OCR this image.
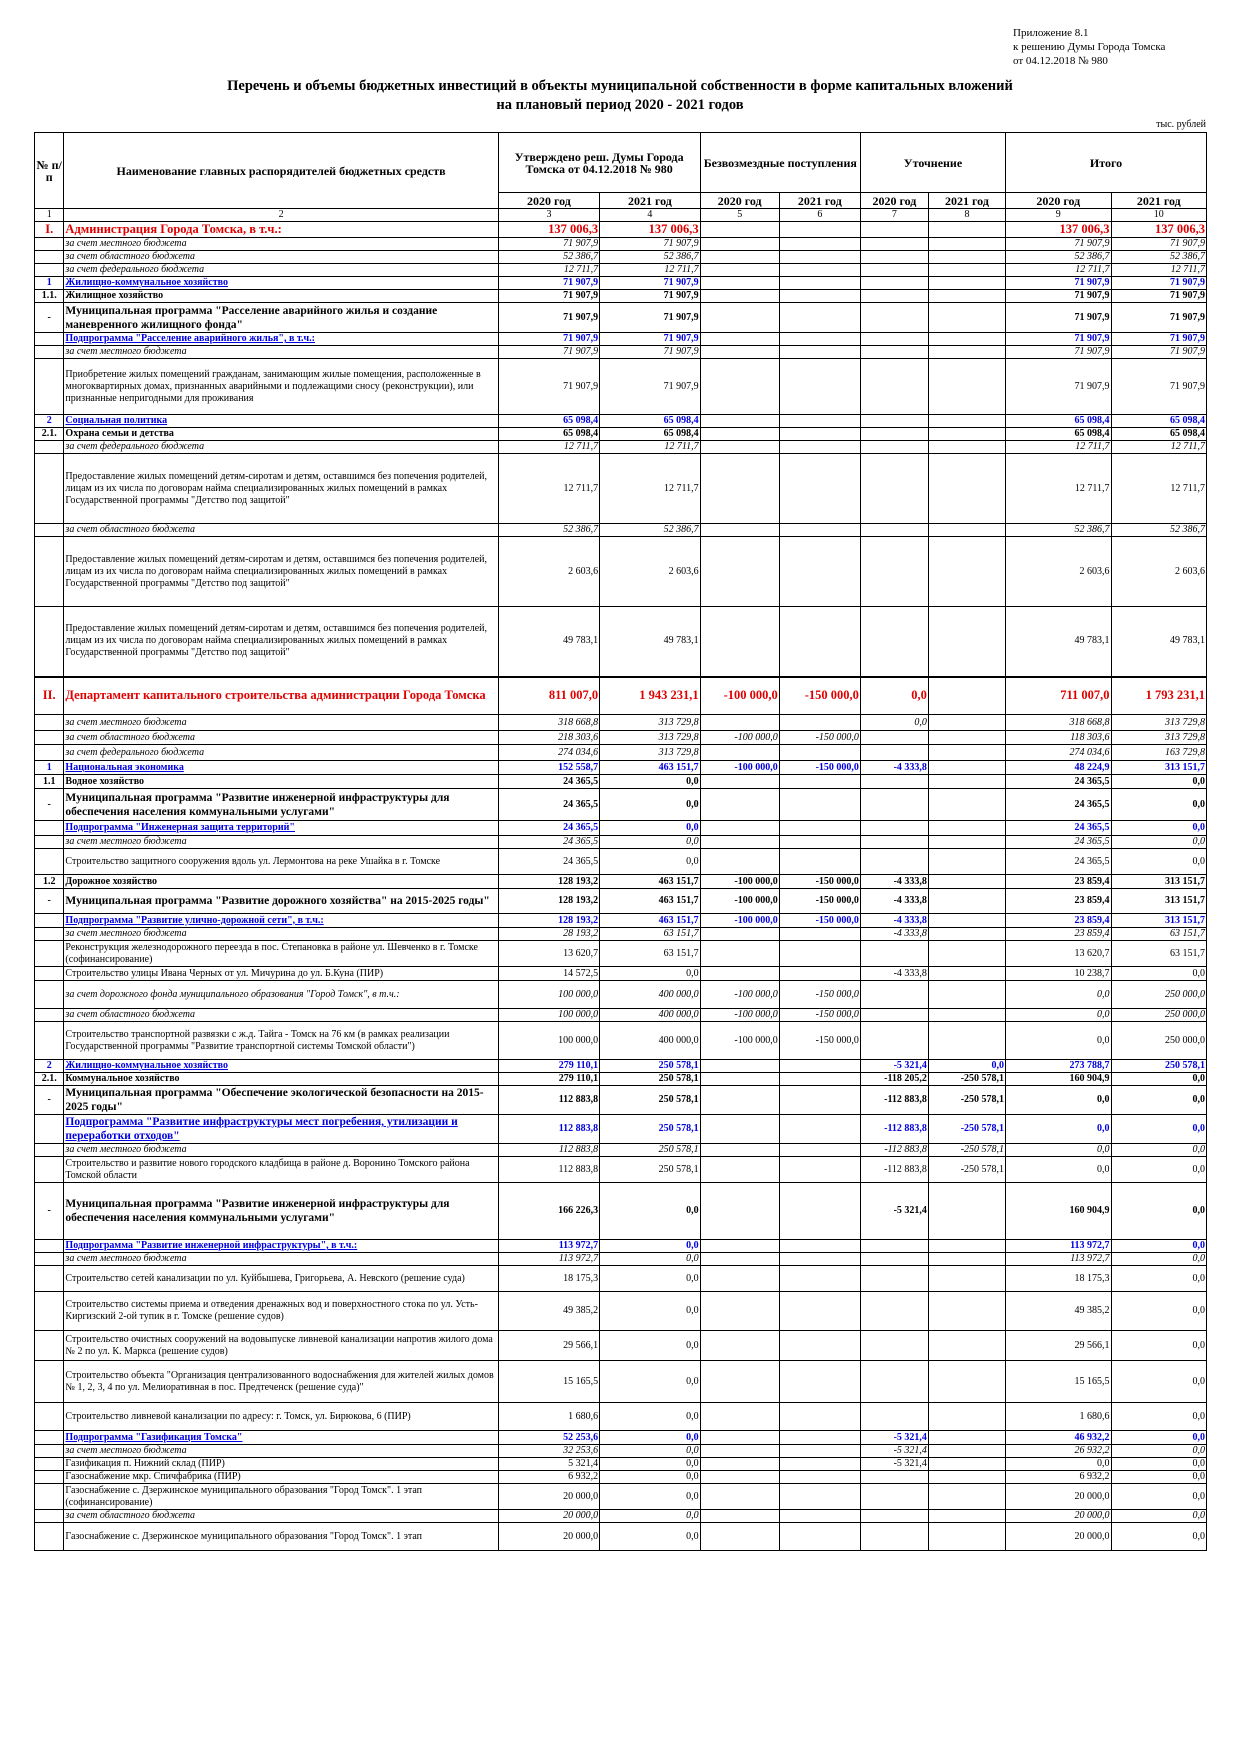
Приложение 8.1
к решению Думы Города Томска
от 04.12.2018 № 980
Перечень и объемы бюджетных инвестиций в объекты муниципальной собственности в форме капитальных вложений
на плановый период 2020 - 2021 годов
тыс. рублей
№ п/п	Наименование главных распорядителей бюджетных средств	Утверждено реш. Думы Города Томска от 04.12.2018 № 980		Безвозмездные поступления		Уточнение		Итого	
		2020 год	2021 год	2020 год	2021 год	2020 год	2021 год	2020 год	2021 год
1	2	3	4	5	6	7	8	9	10
I.	Администрация Города Томска, в т.ч.:	137 006,3	137 006,3					137 006,3	137 006,3
	за счет местного бюджета	71 907,9	71 907,9					71 907,9	71 907,9
	за счет областного бюджета	52 386,7	52 386,7					52 386,7	52 386,7
	за счет федерального бюджета	12 711,7	12 711,7					12 711,7	12 711,7
1	Жилищно-коммунальное хозяйство	71 907,9	71 907,9					71 907,9	71 907,9
1.1.	Жилищное хозяйство	71 907,9	71 907,9					71 907,9	71 907,9
-	Муниципальная программа "Расселение аварийного жилья и создание маневренного жилищного фонда"	71 907,9	71 907,9					71 907,9	71 907,9
	Подпрограмма "Расселение аварийного жилья", в т.ч.:	71 907,9	71 907,9					71 907,9	71 907,9
	за счет местного бюджета	71 907,9	71 907,9					71 907,9	71 907,9
	Приобретение жилых помещений гражданам, занимающим жилые помещения, расположенные в многоквартирных домах, признанных аварийными и подлежащими сносу (реконструкции), или признанные непригодными для проживания	71 907,9	71 907,9					71 907,9	71 907,9
2	Социальная политика	65 098,4	65 098,4					65 098,4	65 098,4
2.1.	Охрана семьи и детства	65 098,4	65 098,4					65 098,4	65 098,4
	за счет федерального бюджета	12 711,7	12 711,7					12 711,7	12 711,7
	Предоставление жилых помещений детям-сиротам и детям, оставшимся без попечения родителей, лицам из их числа по договорам найма специализированных жилых помещений в рамках Государственной программы "Детство под защитой"	12 711,7	12 711,7					12 711,7	12 711,7
	за счет областного бюджета	52 386,7	52 386,7					52 386,7	52 386,7
	Предоставление жилых помещений детям-сиротам и детям, оставшимся без попечения родителей, лицам из их числа по договорам найма специализированных жилых помещений в рамках Государственной программы "Детство под защитой"	2 603,6	2 603,6					2 603,6	2 603,6
	Предоставление жилых помещений детям-сиротам и детям, оставшимся без попечения родителей, лицам из их числа по договорам найма специализированных жилых помещений в рамках Государственной программы "Детство под защитой"	49 783,1	49 783,1					49 783,1	49 783,1
II.	Департамент капитального строительства администрации Города Томска	811 007,0	1 943 231,1	-100 000,0	-150 000,0	0,0		711 007,0	1 793 231,1
	за счет местного бюджета	318 668,8	313 729,8			0,0		318 668,8	313 729,8
	за счет областного бюджета	218 303,6	313 729,8	-100 000,0	-150 000,0			118 303,6	313 729,8
	за счет федерального бюджета	274 034,6	313 729,8					274 034,6	163 729,8
1	Национальная экономика	152 558,7	463 151,7	-100 000,0	-150 000,0	-4 333,8		48 224,9	313 151,7
1.1	Водное хозяйство	24 365,5	0,0					24 365,5	0,0
-	Муниципальная программа "Развитие инженерной инфраструктуры для обеспечения населения коммунальными услугами"	24 365,5	0,0					24 365,5	0,0
	Подпрограмма "Инженерная защита территорий"	24 365,5	0,0					24 365,5	0,0
	за счет местного бюджета	24 365,5	0,0					24 365,5	0,0
	Строительство защитного сооружения вдоль ул. Лермонтова на реке Ушайка в г. Томске	24 365,5	0,0					24 365,5	0,0
1.2	Дорожное хозяйство	128 193,2	463 151,7	-100 000,0	-150 000,0	-4 333,8		23 859,4	313 151,7
-	Муниципальная программа "Развитие дорожного хозяйства" на 2015-2025 годы"	128 193,2	463 151,7	-100 000,0	-150 000,0	-4 333,8		23 859,4	313 151,7
	Подпрограмма "Развитие улично-дорожной сети", в т.ч.:	128 193,2	463 151,7	-100 000,0	-150 000,0	-4 333,8		23 859,4	313 151,7
	за счет местного бюджета	28 193,2	63 151,7			-4 333,8		23 859,4	63 151,7
	Реконструкция железнодорожного переезда в пос. Степановка в районе ул. Шевченко в г. Томске (софинансирование)	13 620,7	63 151,7					13 620,7	63 151,7
	Строительство улицы Ивана Черных от ул. Мичурина до ул. Б.Куна (ПИР)	14 572,5	0,0			-4 333,8		10 238,7	0,0
	за счет дорожного фонда муниципального образования "Город Томск", в т.ч.:	100 000,0	400 000,0	-100 000,0	-150 000,0			0,0	250 000,0
	за счет областного бюджета	100 000,0	400 000,0	-100 000,0	-150 000,0			0,0	250 000,0
	Строительство транспортной развязки с ж.д. Тайга - Томск на 76 км (в рамках реализации Государственной программы "Развитие транспортной системы Томской области")	100 000,0	400 000,0	-100 000,0	-150 000,0			0,0	250 000,0
2	Жилищно-коммунальное хозяйство	279 110,1	250 578,1			-5 321,4	0,0	273 788,7	250 578,1
2.1.	Коммунальное хозяйство	279 110,1	250 578,1			-118 205,2	-250 578,1	160 904,9	0,0
-	Муниципальная программа "Обеспечение экологической безопасности на 2015-2025 годы"	112 883,8	250 578,1			-112 883,8	-250 578,1	0,0	0,0
	Подпрограмма "Развитие инфраструктуры мест погребения, утилизации и переработки отходов"	112 883,8	250 578,1			-112 883,8	-250 578,1	0,0	0,0
	за счет местного бюджета	112 883,8	250 578,1			-112 883,8	-250 578,1	0,0	0,0
	Строительство и развитие нового городского кладбища в районе д. Воронино Томского района Томской области	112 883,8	250 578,1			-112 883,8	-250 578,1	0,0	0,0
-	Муниципальная программа "Развитие инженерной инфраструктуры для обеспечения населения коммунальными услугами"	166 226,3	0,0			-5 321,4		160 904,9	0,0
	Подпрограмма "Развитие инженерной инфраструктуры", в т.ч.:	113 972,7	0,0					113 972,7	0,0
	за счет местного бюджета	113 972,7	0,0					113 972,7	0,0
	Строительство сетей канализации по ул. Куйбышева, Григорьева, А. Невского (решение суда)	18 175,3	0,0					18 175,3	0,0
	Строительство системы приема и отведения дренажных вод и поверхностного стока по ул. Усть-Киргизский 2-ой тупик в г. Томске (решение судов)	49 385,2	0,0					49 385,2	0,0
	Строительство очистных сооружений на водовыпуске ливневой канализации напротив жилого дома № 2 по ул. К. Маркса (решение судов)	29 566,1	0,0					29 566,1	0,0
	Строительство объекта "Организация централизованного водоснабжения для жителей жилых домов № 1, 2, 3, 4 по ул. Мелиоративная в пос. Предтеченск (решение суда)"	15 165,5	0,0					15 165,5	0,0
	Строительство ливневой канализации по адресу: г. Томск, ул. Бирюкова, 6 (ПИР)	1 680,6	0,0					1 680,6	0,0
	Подпрограмма "Газификация Томска"	52 253,6	0,0			-5 321,4		46 932,2	0,0
	за счет местного бюджета	32 253,6	0,0			-5 321,4		26 932,2	0,0
	Газификация п. Нижний склад (ПИР)	5 321,4	0,0			-5 321,4		0,0	0,0
	Газоснабжение мкр. Спичфабрика (ПИР)	6 932,2	0,0					6 932,2	0,0
	Газоснабжение с. Дзержинское муниципального образования "Город Томск". 1 этап (софинансирование)	20 000,0	0,0					20 000,0	0,0
	за счет областного бюджета	20 000,0	0,0					20 000,0	0,0
	Газоснабжение с. Дзержинское муниципального образования "Город Томск". 1 этап	20 000,0	0,0					20 000,0	0,0
